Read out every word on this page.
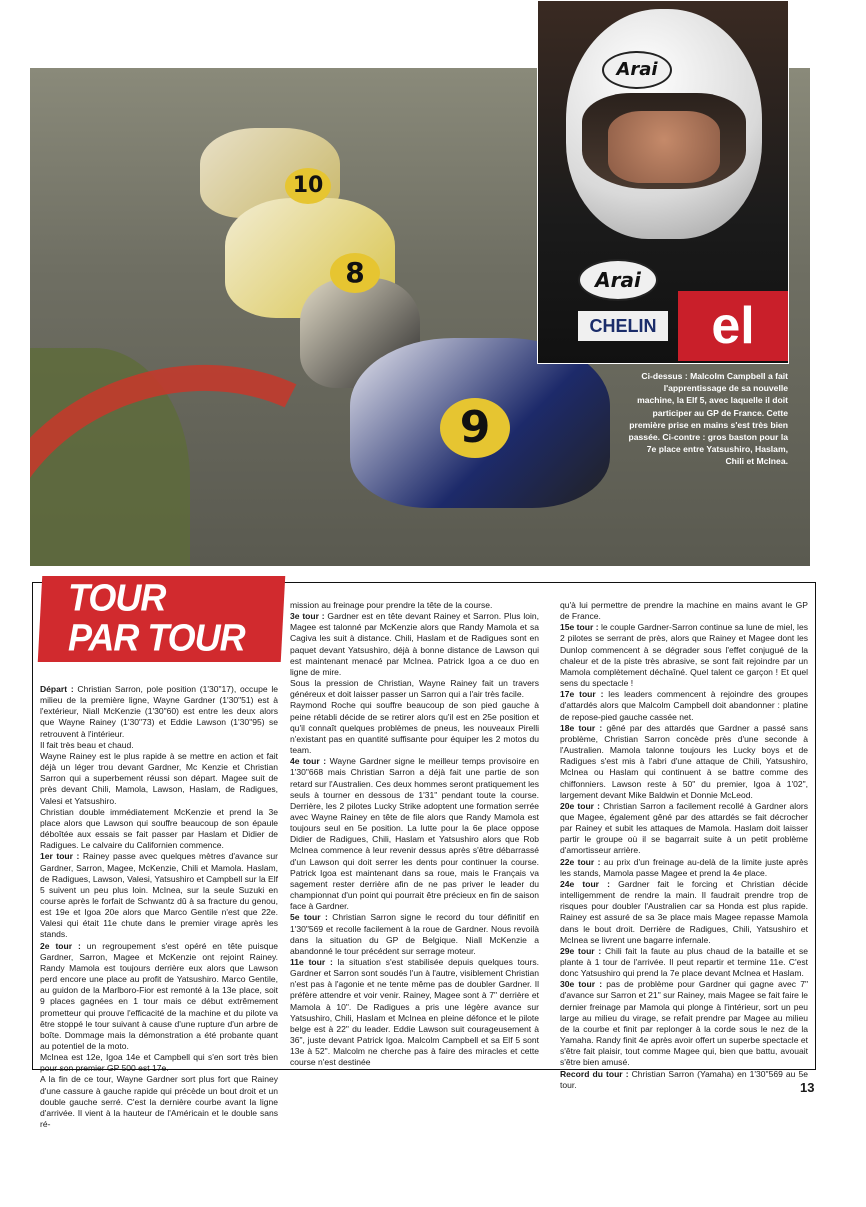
10
8
9
Arai
Arai
CHELIN	el
Ci-dessus : Malcolm Campbell a fait l'apprentissage de sa nouvelle machine, la Elf 5, avec laquelle il doit participer au GP de France. Cette première prise en mains s'est très bien passée. Ci-contre : gros baston pour la 7e place entre Yatsushiro, Haslam, Chili et McInea.
TOUR
PAR TOUR

Départ : Christian Sarron, pole position (1'30"17), occupe le milieu de la première ligne, Wayne Gardner (1'30"51) est à l'extérieur, Niall McKenzie (1'30"60) est entre les deux alors que Wayne Rainey (1'30"73) et Eddie Lawson (1'30"95) se retrouvent à l'intérieur.

Il fait très beau et chaud.

Wayne Rainey est le plus rapide à se mettre en action et fait déjà un léger trou devant Gardner, Mc Kenzie et Christian Sarron qui a superbement réussi son départ. Magee suit de près devant Chili, Mamola, Lawson, Haslam, de Radigues, Valesi et Yatsushiro.

Christian double immédiatement McKenzie et prend la 3e place alors que Lawson qui souffre beaucoup de son épaule déboîtée aux essais se fait passer par Haslam et Didier de Radigues. Le calvaire du Californien commence.

1er tour : Rainey passe avec quelques mètres d'avance sur Gardner, Sarron, Magee, McKenzie, Chili et Mamola. Haslam, de Radigues, Lawson, Valesi, Yatsushiro et Campbell sur la Elf 5 suivent un peu plus loin. McInea, sur la seule Suzuki en course après le forfait de Schwantz dû à sa fracture du genou, est 19e et Igoa 20e alors que Marco Gentile n'est que 22e. Valesi qui était 11e chute dans le premier virage après les stands.

2e tour : un regroupement s'est opéré en tête puisque Gardner, Sarron, Magee et McKenzie ont rejoint Rainey. Randy Mamola est toujours derrière eux alors que Lawson perd encore une place au profit de Yatsushiro. Marco Gentile, au guidon de la Marlboro-Fior est remonté à la 13e place, soit 9 places gagnées en 1 tour mais ce début extrêmement prometteur qui prouve l'efficacité de la machine et du pilote va être stoppé le tour suivant à cause d'une rupture d'un arbre de boîte. Dommage mais la démonstration a été probante quant au potentiel de la moto.

McInea est 12e, Igoa 14e et Campbell qui s'en sort très bien pour son premier GP 500 est 17e.

A la fin de ce tour, Wayne Gardner sort plus fort que Rainey d'une cassure à gauche rapide qui précède un bout droit et un double gauche serré. C'est la dernière courbe avant la ligne d'arrivée. Il vient à la hauteur de l'Américain et le double sans ré-

mission au freinage pour prendre la tête de la course.

3e tour : Gardner est en tête devant Rainey et Sarron. Plus loin, Magee est talonné par McKenzie alors que Randy Mamola et sa Cagiva les suit à distance. Chili, Haslam et de Radigues sont en paquet devant Yatsushiro, déjà à bonne distance de Lawson qui est maintenant menacé par McInea. Patrick Igoa a ce duo en ligne de mire.

Sous la pression de Christian, Wayne Rainey fait un travers généreux et doit laisser passer un Sarron qui a l'air très facile.

Raymond Roche qui souffre beaucoup de son pied gauche à peine rétabli décide de se retirer alors qu'il est en 25e position et qu'il connaît quelques problèmes de pneus, les nouveaux Pirelli n'existant pas en quantité suffisante pour équiper les 2 motos du team.

4e tour : Wayne Gardner signe le meilleur temps provisoire en 1'30"668 mais Christian Sarron a déjà fait une partie de son retard sur l'Australien. Ces deux hommes seront pratiquement les seuls à tourner en dessous de 1'31" pendant toute la course. Derrière, les 2 pilotes Lucky Strike adoptent une formation serrée avec Wayne Rainey en tête de file alors que Randy Mamola est toujours seul en 5e position. La lutte pour la 6e place oppose Didier de Radigues, Chili, Haslam et Yatsushiro alors que Rob McInea commence à leur revenir dessus après s'être débarrassé d'un Lawson qui doit serrer les dents pour continuer la course. Patrick Igoa est maintenant dans sa roue, mais le Français va sagement rester derrière afin de ne pas priver le leader du championnat d'un point qui pourrait être précieux en fin de saison face à Gardner.

5e tour : Christian Sarron signe le record du tour définitif en 1'30"569 et recolle facilement à la roue de Gardner. Nous revoilà dans la situation du GP de Belgique. Niall McKenzie a abandonné le tour précédent sur serrage moteur.

11e tour : la situation s'est stabilisée depuis quelques tours. Gardner et Sarron sont soudés l'un à l'autre, visiblement Christian n'est pas à l'agonie et ne tente même pas de doubler Gardner. Il préfère attendre et voir venir. Rainey, Magee sont à 7" derrière et Mamola à 10". De Radigues a pris une légère avance sur Yatsushiro, Chili, Haslam et McInea en pleine défonce et le pilote belge est à 22" du leader. Eddie Lawson suit courageusement à 36", juste devant Patrick Igoa. Malcolm Campbell et sa Elf 5 sont 13e à 52". Malcolm ne cherche pas à faire des miracles et cette course n'est destinée

qu'à lui permettre de prendre la machine en mains avant le GP de France.

15e tour : le couple Gardner-Sarron continue sa lune de miel, les 2 pilotes se serrant de près, alors que Rainey et Magee dont les Dunlop commencent à se dégrader sous l'effet conjugué de la chaleur et de la piste très abrasive, se sont fait rejoindre par un Mamola complètement déchaîné. Quel talent ce garçon ! Et quel sens du spectacle !

17e tour : les leaders commencent à rejoindre des groupes d'attardés alors que Malcolm Campbell doit abandonner : platine de repose-pied gauche cassée net.

18e tour : gêné par des attardés que Gardner a passé sans problème, Christian Sarron concède près d'une seconde à l'Australien. Mamola talonne toujours les Lucky boys et de Radigues s'est mis à l'abri d'une attaque de Chili, Yatsushiro, McInea ou Haslam qui continuent à se battre comme des chiffonniers. Lawson reste à 50" du premier, Igoa à 1'02", largement devant Mike Baldwin et Donnie McLeod.

20e tour : Christian Sarron a facilement recollé à Gardner alors que Magee, également gêné par des attardés se fait décrocher par Rainey et subit les attaques de Mamola. Haslam doit laisser partir le groupe où il se bagarrait suite à un petit problème d'amortisseur arrière.

22e tour : au prix d'un freinage au-delà de la limite juste après les stands, Mamola passe Magee et prend la 4e place.

24e tour : Gardner fait le forcing et Christian décide intelligemment de rendre la main. Il faudrait prendre trop de risques pour doubler l'Australien car sa Honda est plus rapide. Rainey est assuré de sa 3e place mais Magee repasse Mamola dans le bout droit. Derrière de Radigues, Chili, Yatsushiro et McInea se livrent une bagarre infernale.

29e tour : Chili fait la faute au plus chaud de la bataille et se plante à 1 tour de l'arrivée. Il peut repartir et termine 11e. C'est donc Yatsushiro qui prend la 7e place devant McInea et Haslam.

30e tour : pas de problème pour Gardner qui gagne avec 7" d'avance sur Sarron et 21" sur Rainey, mais Magee se fait faire le dernier freinage par Mamola qui plonge à l'intérieur, sort un peu large au milieu du virage, se refait prendre par Magee au milieu de la courbe et finit par replonger à la corde sous le nez de la Yamaha. Randy finit 4e après avoir offert un superbe spectacle et s'être fait plaisir, tout comme Magee qui, bien que battu, avouait s'être bien amusé.

Record du tour : Christian Sarron (Yamaha) en 1'30"569 au 5e tour.	13
